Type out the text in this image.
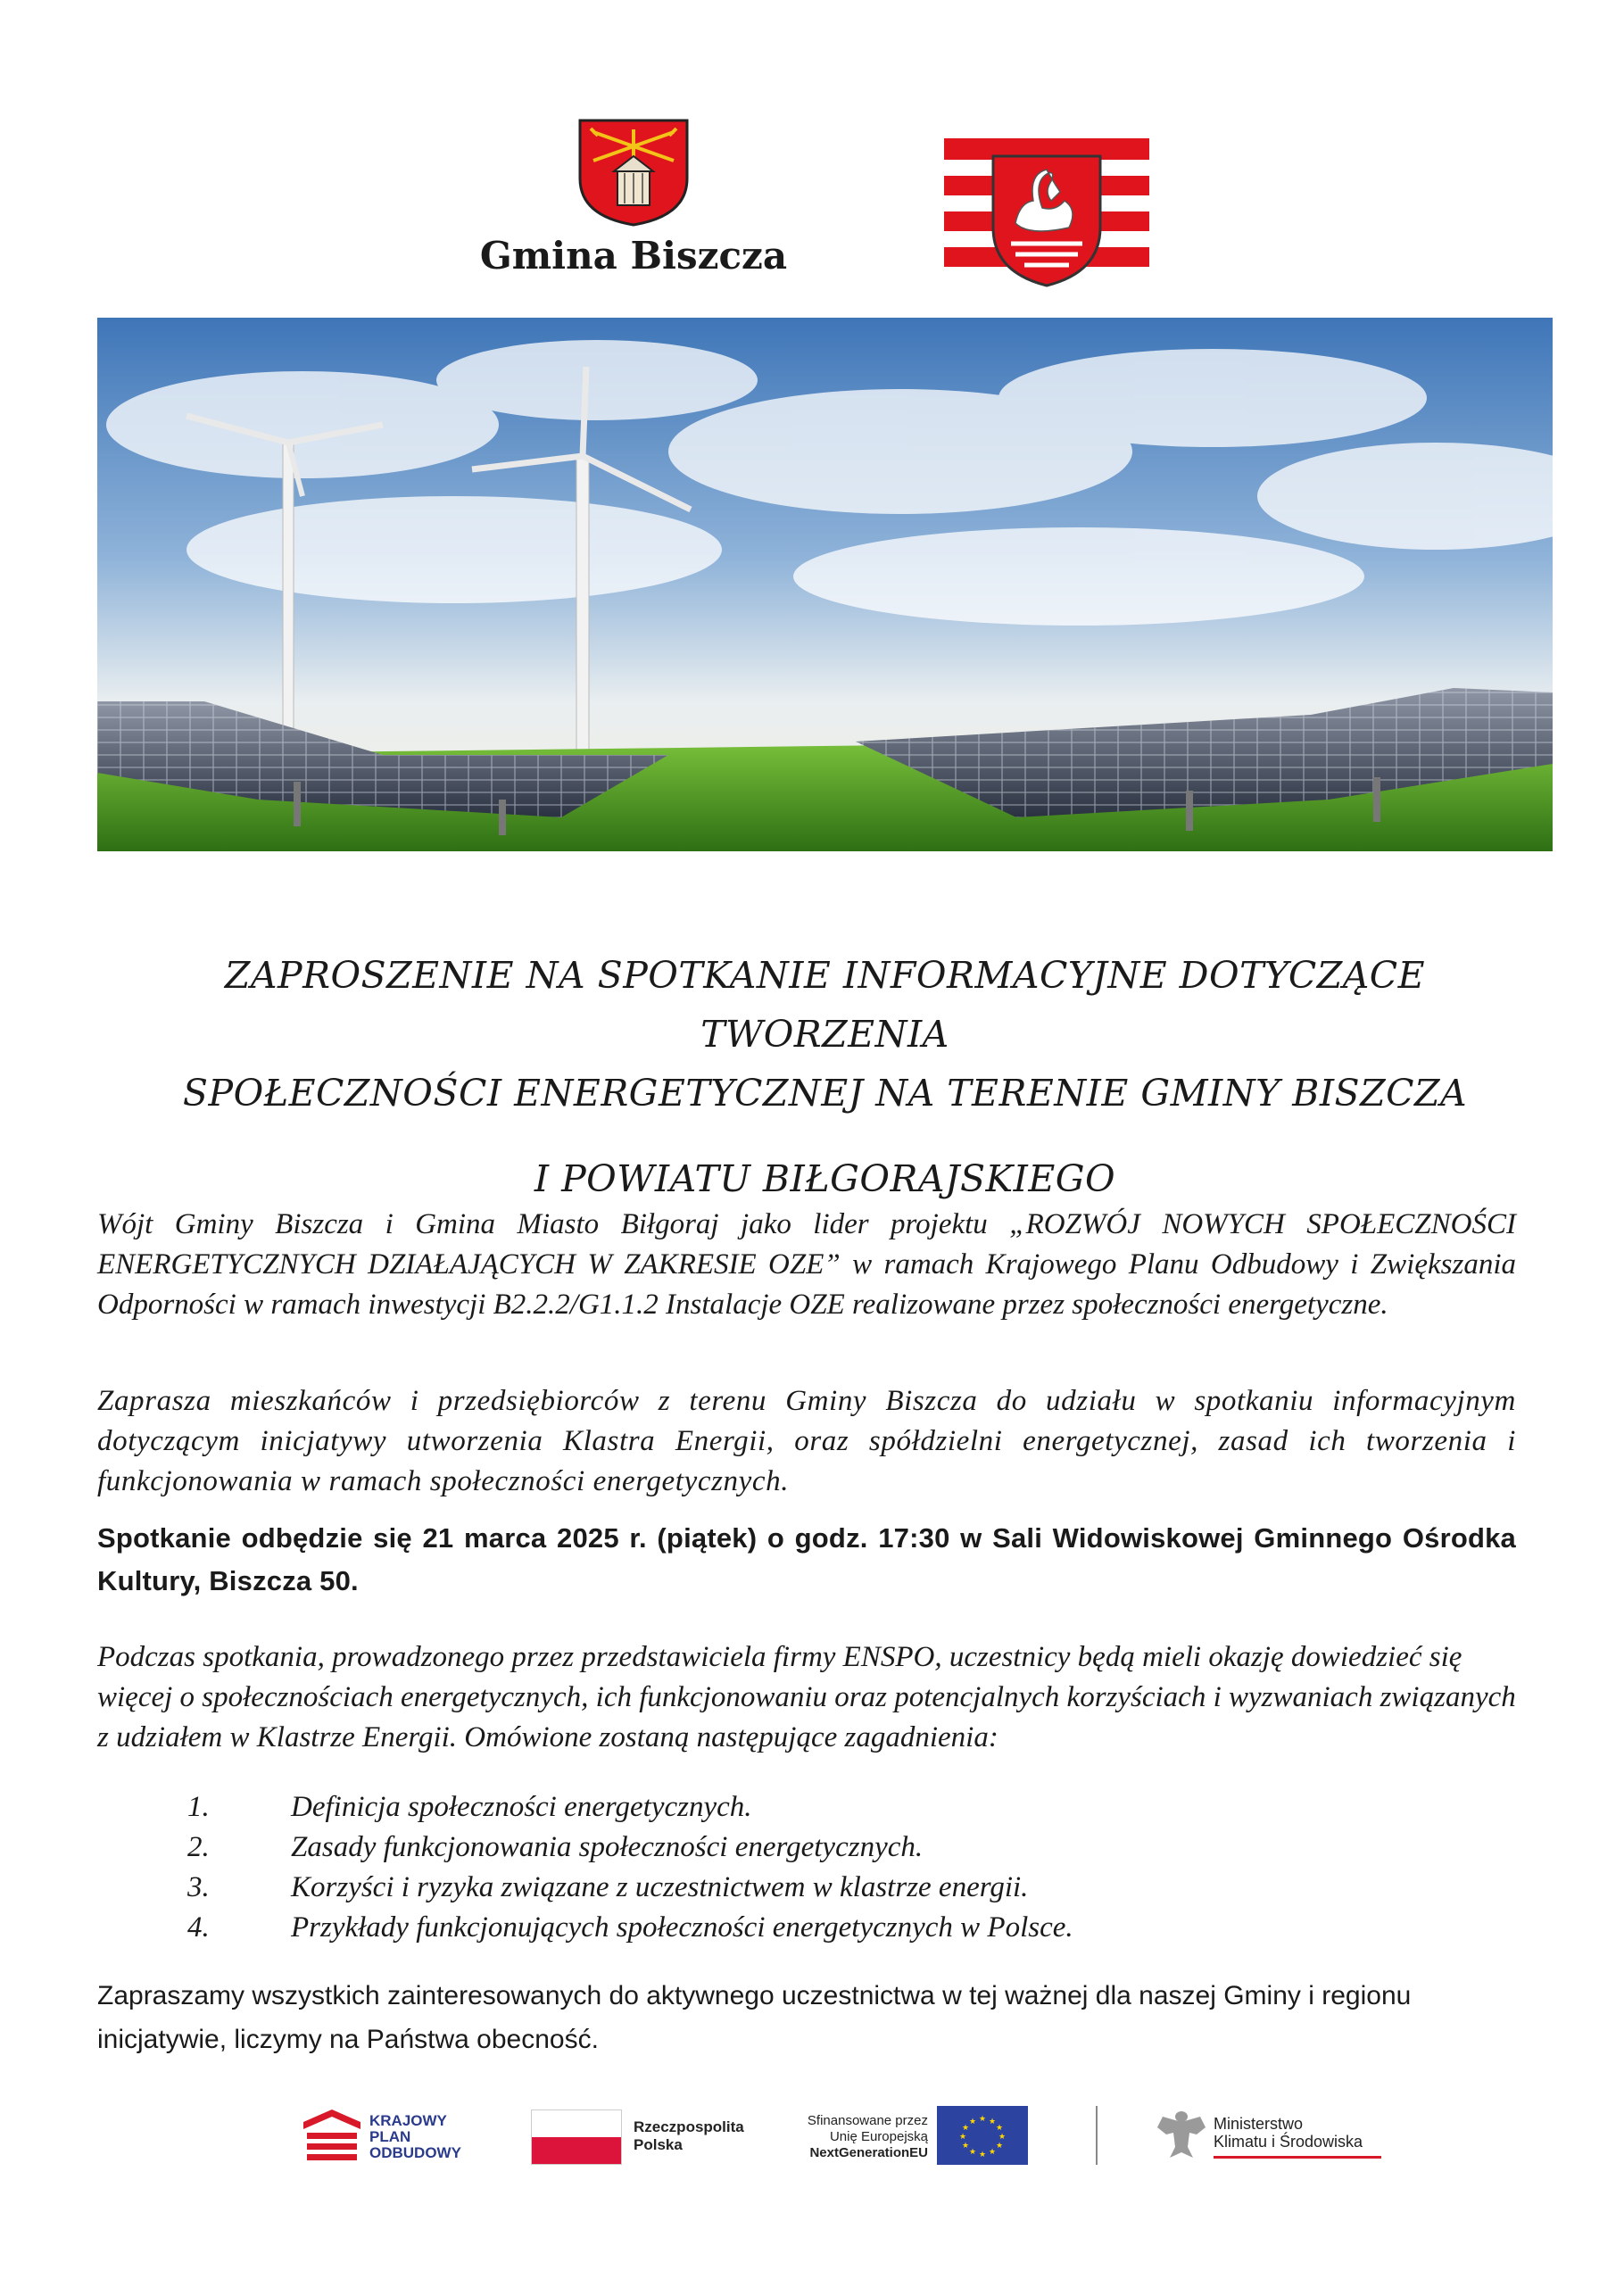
Gmina Biszcza
ZAPROSZENIE NA SPOTKANIE INFORMACYJNE DOTYCZĄCE TWORZENIA
SPOŁECZNOŚCI ENERGETYCZNEJ NA TERENIE GMINY BISZCZA
I POWIATU BIŁGORAJSKIEGO
Wójt Gminy Biszcza i Gmina Miasto Biłgoraj jako lider projektu „ROZWÓJ NOWYCH SPOŁECZNOŚCI ENERGETYCZNYCH DZIAŁAJĄCYCH W ZAKRESIE OZE” w ramach Krajowego Planu Odbudowy i Zwiększania Odporności w ramach inwestycji B2.2.2/G1.1.2 Instalacje OZE realizowane przez społeczności energetyczne.
Zaprasza mieszkańców i przedsiębiorców z terenu Gminy Biszcza do udziału w spotkaniu informacyjnym dotyczącym inicjatywy utworzenia Klastra Energii, oraz spółdzielni energetycznej, zasad ich tworzenia i funkcjonowania w ramach społeczności energetycznych.
Spotkanie odbędzie się 21 marca 2025 r. (piątek) o godz. 17:30 w Sali Widowiskowej Gminnego Ośrodka Kultury, Biszcza 50.
Podczas spotkania, prowadzonego przez przedstawiciela firmy ENSPO, uczestnicy będą mieli okazję dowiedzieć się więcej o społecznościach energetycznych, ich funkcjonowaniu oraz potencjalnych korzyściach i wyzwaniach związanych z udziałem w Klastrze Energii. Omówione zostaną następujące zagadnienia:
1.	Definicja społeczności energetycznych.
2.	Zasady funkcjonowania społeczności energetycznych.
3.	Korzyści i ryzyka związane z uczestnictwem w klastrze energii.
4.	Przykłady funkcjonujących społeczności energetycznych w Polsce.
Zapraszamy wszystkich zainteresowanych do aktywnego uczestnictwa w tej ważnej dla naszej Gminy i regionu inicjatywie, liczymy na Państwa obecność.
KRAJOWY
PLAN
ODBUDOWY
Rzeczpospolita
Polska
Sfinansowane przez
Unię Europejską
NextGenerationEU
★ ★
★
★
★
★
★
★
★
★
★
★	Ministerstwo
Klimatu i Środowiska
